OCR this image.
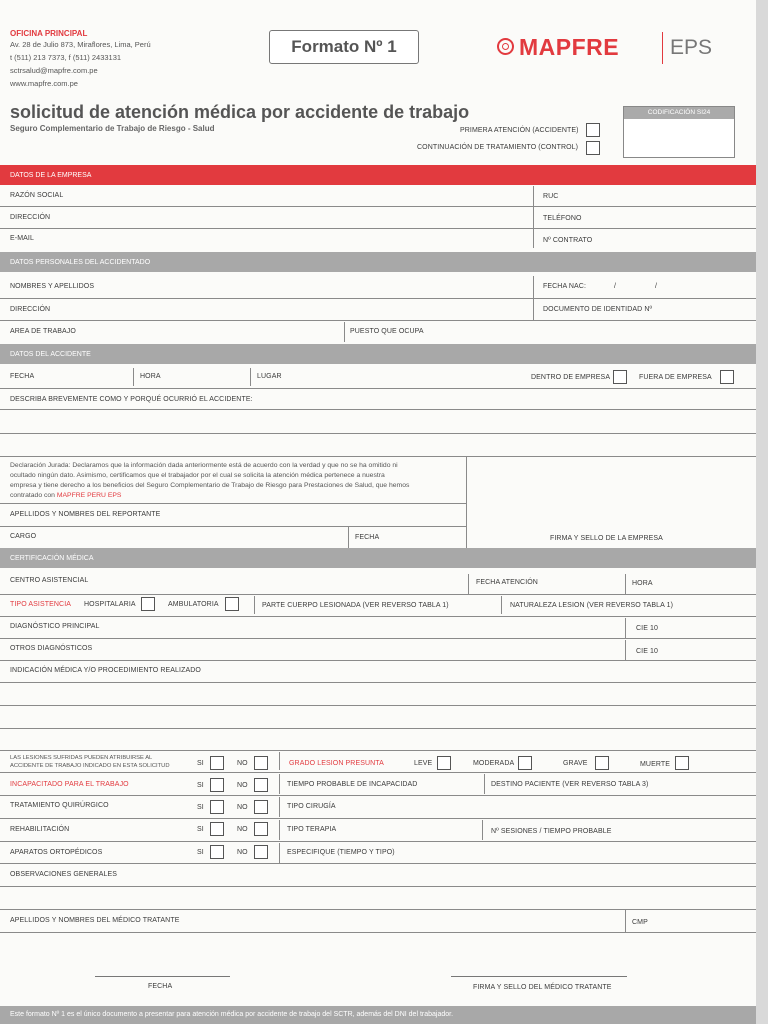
OFICINA PRINCIPAL
Av. 28 de Julio 873, Miraflores, Lima, Perú
t (511) 213 7373, f (511) 2433131
sctrsalud@mapfre.com.pe
www.mapfre.com.pe
Formato Nº 1	MAPFRE EPS
solicitud de atención médica por accidente de trabajo
Seguro Complementario de Trabajo de Riesgo - Salud	PRIMERA ATENCIÓN (ACCIDENTE)
CONTINUACIÓN DE TRATAMIENTO (CONTROL)
CODIFICACIÓN SI24
DATOS DE LA EMPRESA
RAZÓN SOCIAL	RUC
DIRECCIÓN	TELÉFONO
E-MAIL	Nº CONTRATO
DATOS PERSONALES DEL ACCIDENTADO
NOMBRES Y APELLIDOS	FECHA NAC:	/	/
DIRECCIÓN	DOCUMENTO DE IDENTIDAD Nº
AREA DE TRABAJO	PUESTO QUE OCUPA
DATOS DEL ACCIDENTE
FECHA	HORA	LUGAR	DENTRO DE EMPRESA	FUERA DE EMPRESA
DESCRIBA BREVEMENTE COMO Y PORQUÉ OCURRIÓ EL ACCIDENTE:
Declaración Jurada: Declaramos que la información dada anteriormente está de acuerdo con la verdad y que no se ha omitido ni
ocultado ningún dato. Asimismo, certificamos que el trabajador por el cual se solicita la atención médica pertenece a nuestra
empresa y tiene derecho a los beneficios del Seguro Complementario de Trabajo de Riesgo para Prestaciones de Salud, que hemos
contratado con MAPFRE PERU EPS
APELLIDOS Y NOMBRES DEL REPORTANTE
CARGO	FECHA	FIRMA Y SELLO DE LA EMPRESA
CERTIFICACIÓN MÉDICA
CENTRO ASISTENCIAL	FECHA ATENCIÓN	HORA
TIPO ASISTENCIA HOSPITALARIA	AMBULATORIA	PARTE CUERPO LESIONADA (VER REVERSO TABLA 1)	NATURALEZA LESION (VER REVERSO TABLA 1)
DIAGNÓSTICO PRINCIPAL	CIE 10
OTROS DIAGNÓSTICOS	CIE 10
INDICACIÓN MÉDICA Y/O PROCEDIMIENTO REALIZADO
LAS LESIONES SUFRIDAS PUEDEN ATRIBUIRSE AL
ACCIDENTE DE TRABAJO INDICADO EN ESTA SOLICITUD	SI	NO	GRADO LESION PRESUNTA	LEVE	MODERADA	GRAVE	MUERTE
INCAPACITADO PARA EL TRABAJO	SI	NO	TIEMPO PROBABLE DE INCAPACIDAD	DESTINO PACIENTE (VER REVERSO TABLA 3)
TRATAMIENTO QUIRÚRGICO	SI	NO	TIPO CIRUGÍA
REHABILITACIÓN	SI	NO	TIPO TERAPIA	Nº SESIONES / TIEMPO PROBABLE
APARATOS ORTOPÉDICOS	SI	NO	ESPECIFIQUE (TIEMPO Y TIPO)
OBSERVACIONES GENERALES
APELLIDOS Y NOMBRES DEL MÉDICO TRATANTE	CMP
FECHA	FIRMA Y SELLO DEL MÉDICO TRATANTE
Este formato Nº 1 es el único documento a presentar para atención médica por accidente de trabajo del SCTR, además del DNI del trabajador.
